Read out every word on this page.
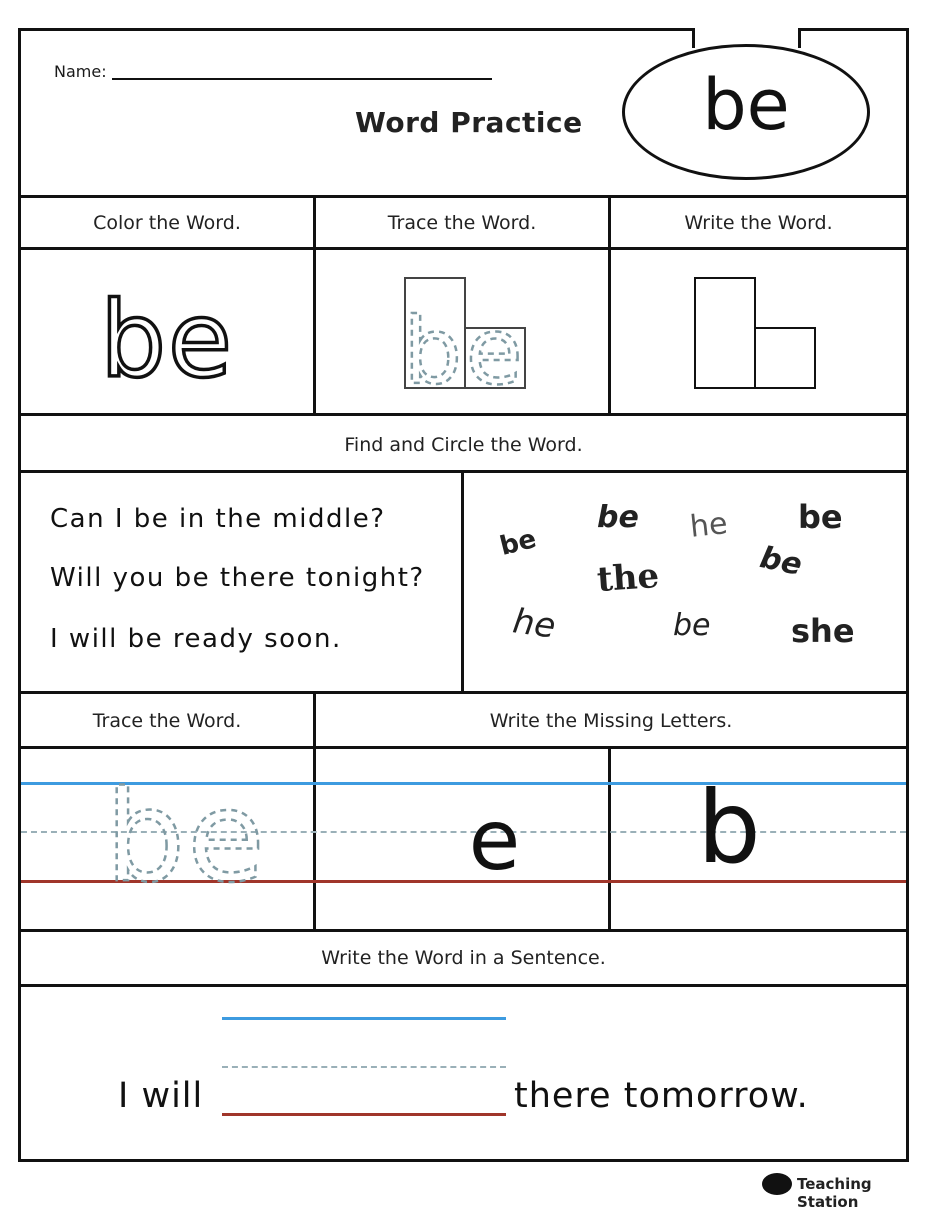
Name:
Word Practice	be
Color the Word.	Trace the Word.	Write the Word.
be be
Find and Circle the Word.
Can I be in the middle?
Will you be there tonight?
I will be ready soon.
be
be he be
be
the
be
he	she
Trace the Word.	Write the Missing Letters.
be	e	b
Write the Word in a Sentence.
I will	there tomorrow.
Teaching Station
